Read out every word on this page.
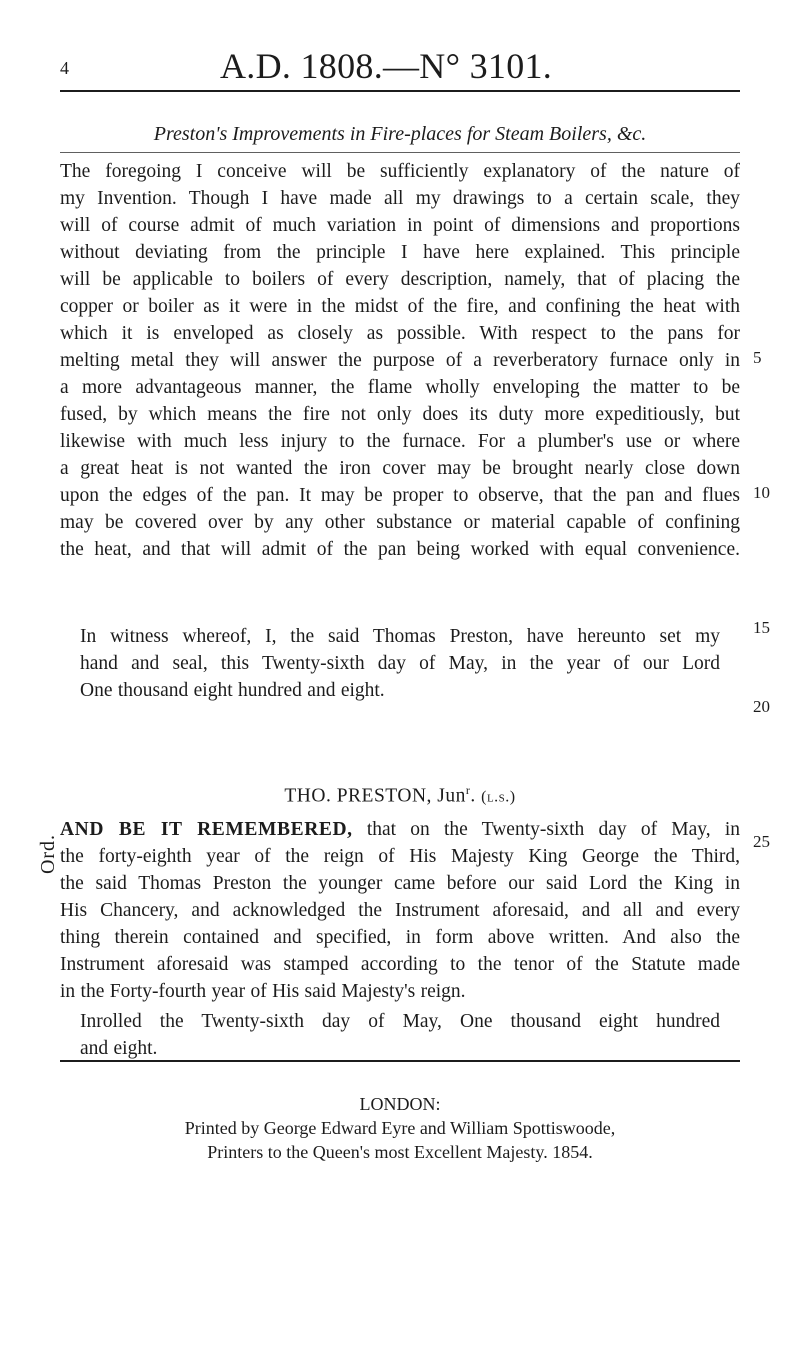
4	A.D. 1808.—N° 3101.
Preston's Improvements in Fire-places for Steam Boilers, &c.
The foregoing I conceive will be sufficiently explanatory of the nature of
my Invention. Though I have made all my drawings to a certain scale, they
will of course admit of much variation in point of dimensions and proportions
without deviating from the principle I have here explained. This principle
will be applicable to boilers of every description, namely, that of placing the
copper or boiler as it were in the midst of the fire, and confining the heat with
which it is enveloped as closely as possible. With respect to the pans for
melting metal they will answer the purpose of a reverberatory furnace only in
a more advantageous manner, the flame wholly enveloping the matter to be
fused, by which means the fire not only does its duty more expeditiously, but
likewise with much less injury to the furnace. For a plumber's use or where
a great heat is not wanted the iron cover may be brought nearly close down
upon the edges of the pan. It may be proper to observe, that the pan and flues
may be covered over by any other substance or material capable of confining
the heat, and that will admit of the pan being worked with equal convenience.
In witness whereof, I, the said Thomas Preston, have hereunto set my
hand and seal, this Twenty-sixth day of May, in the year of our Lord
One thousand eight hundred and eight.
THO. PRESTON, Jun$^r$. (l.s.)
AND BE IT REMEMBERED, that on the Twenty-sixth day of May, in
the forty-eighth year of the reign of His Majesty King George the Third,
the said Thomas Preston the younger came before our said Lord the King in
His Chancery, and acknowledged the Instrument aforesaid, and all and every
thing therein contained and specified, in form above written. And also the
Instrument aforesaid was stamped according to the tenor of the Statute made
in the Forty-fourth year of His said Majesty's reign.
Inrolled the Twenty-sixth day of May, One thousand eight hundred
and eight.
5
10
15
20
25
Ord.
LONDON:
Printed by George Edward Eyre and William Spottiswoode,
Printers to the Queen's most Excellent Majesty. 1854.
